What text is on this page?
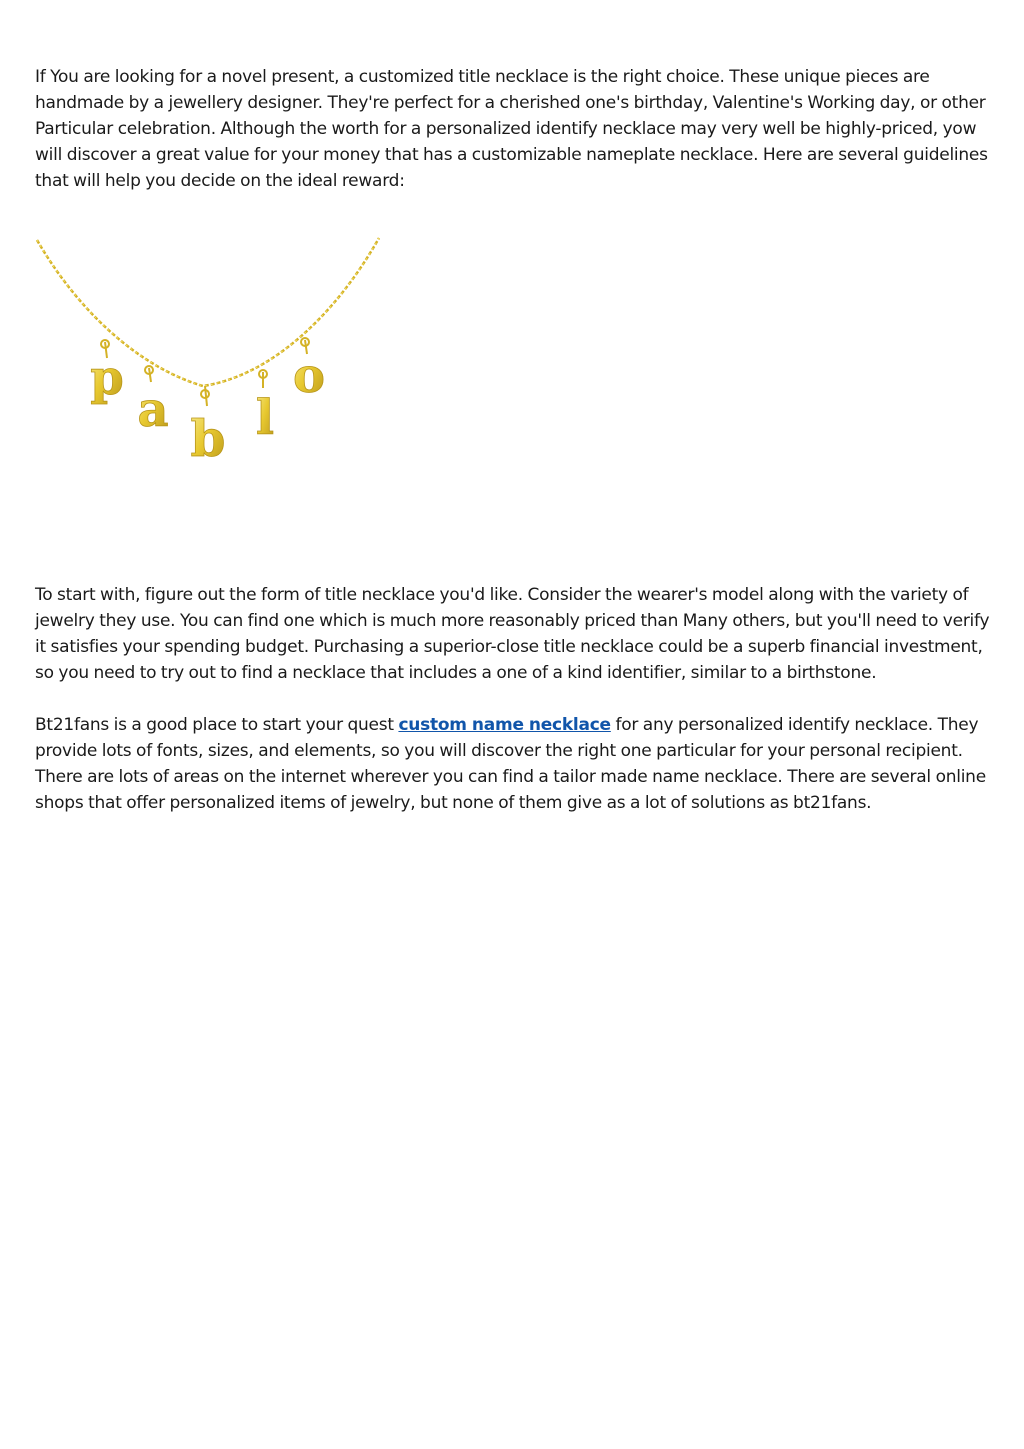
If You are looking for a novel present, a customized title necklace is the right choice. These unique pieces are handmade by a jewellery designer. They're perfect for a cherished one's birthday, Valentine's Working day, or other Particular celebration. Although the worth for a personalized identify necklace may very well be highly-priced, yow will discover a great value for your money that has a customizable nameplate necklace. Here are several guidelines that will help you decide on the ideal reward:

p
a b l
o

To start with, figure out the form of title necklace you'd like. Consider the wearer's model along with the variety of jewelry they use. You can find one which is much more reasonably priced than Many others, but you'll need to verify it satisfies your spending budget. Purchasing a superior-close title necklace could be a superb financial investment, so you need to try out to find a necklace that includes a one of a kind identifier, similar to a birthstone.

Bt21fans is a good place to start your quest custom name necklace for any personalized identify necklace. They provide lots of fonts, sizes, and elements, so you will discover the right one particular for your personal recipient. There are lots of areas on the internet wherever you can find a tailor made name necklace. There are several online shops that offer personalized items of jewelry, but none of them give as a lot of solutions as bt21fans.
